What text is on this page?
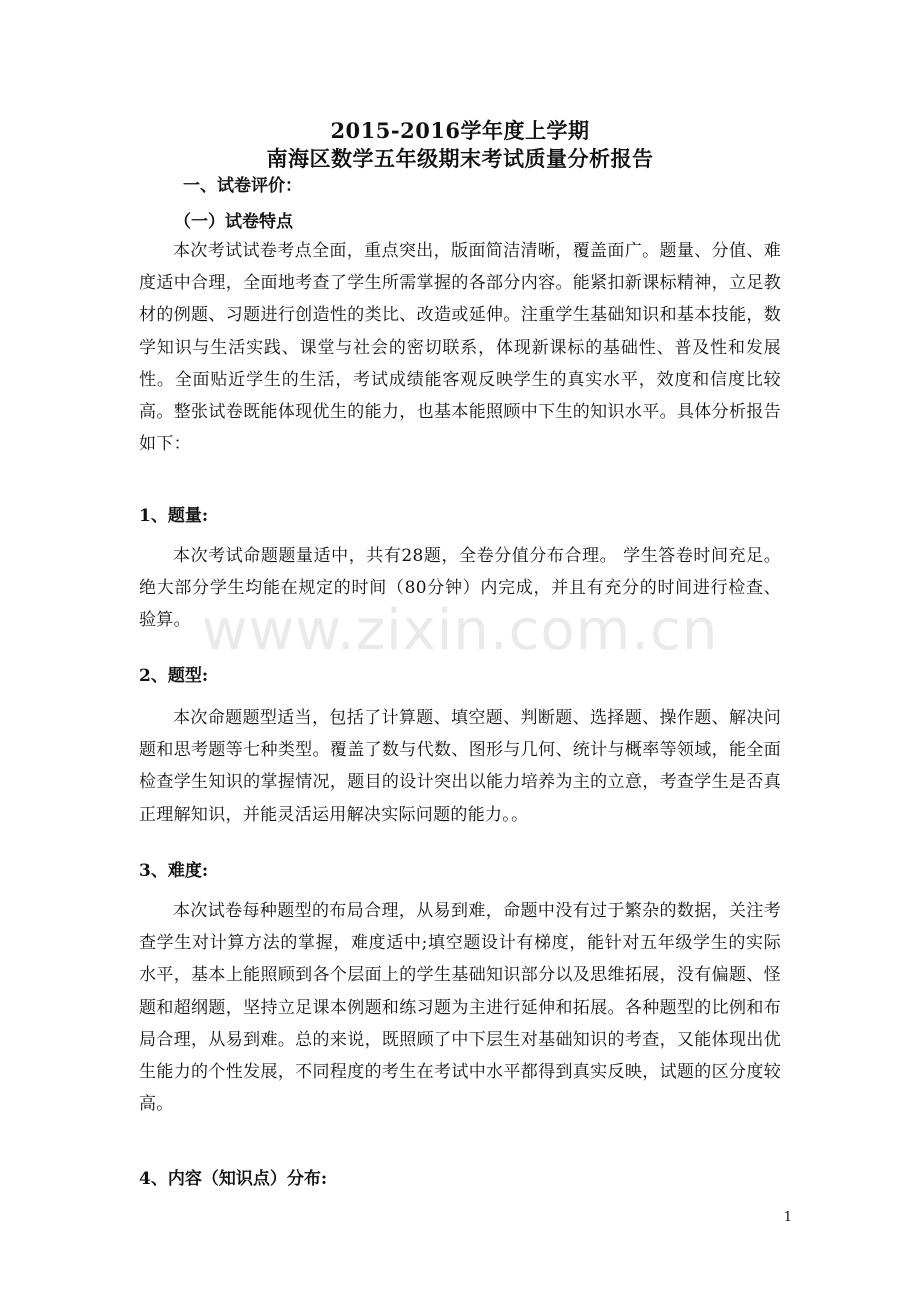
2015-2016学年度上学期
南海区数学五年级期末考试质量分析报告
一、试卷评价：
（一）试卷特点

本次考试试卷考点全面，重点突出，版面简洁清晰，覆盖面广。题量、分值、难度适中合理，全面地考查了学生所需掌握的各部分内容。能紧扣新课标精神，立足教材的例题、习题进行创造性的类比、改造或延伸。注重学生基础知识和基本技能，数学知识与生活实践、课堂与社会的密切联系，体现新课标的基础性、普及性和发展性。全面贴近学生的生活，考试成绩能客观反映学生的真实水平，效度和信度比较高。整张试卷既能体现优生的能力，也基本能照顾中下生的知识水平。具体分析报告如下：

1、题量:

本次考试命题题量适中，共有28题，全卷分值分布合理。 学生答卷时间充足。绝大部分学生均能在规定的时间（80分钟）内完成，并且有充分的时间进行检查、验算。

2、题型:

本次命题题型适当，包括了计算题、填空题、判断题、选择题、操作题、解决问题和思考题等七种类型。覆盖了数与代数、图形与几何、统计与概率等领域，能全面检查学生知识的掌握情况，题目的设计突出以能力培养为主的立意，考查学生是否真正理解知识，并能灵活运用解决实际问题的能力。。

3、难度:

本次试卷每种题型的布局合理，从易到难，命题中没有过于繁杂的数据，关注考查学生对计算方法的掌握，难度适中;填空题设计有梯度，能针对五年级学生的实际水平，基本上能照顾到各个层面上的学生基础知识部分以及思维拓展，没有偏题、怪题和超纲题，坚持立足课本例题和练习题为主进行延伸和拓展。各种题型的比例和布局合理，从易到难。总的来说，既照顾了中下层生对基础知识的考查，又能体现出优生能力的个性发展，不同程度的考生在考试中水平都得到真实反映，试题的区分度较高。

4、内容（知识点）分布:
www.zixin.com.cn
1
